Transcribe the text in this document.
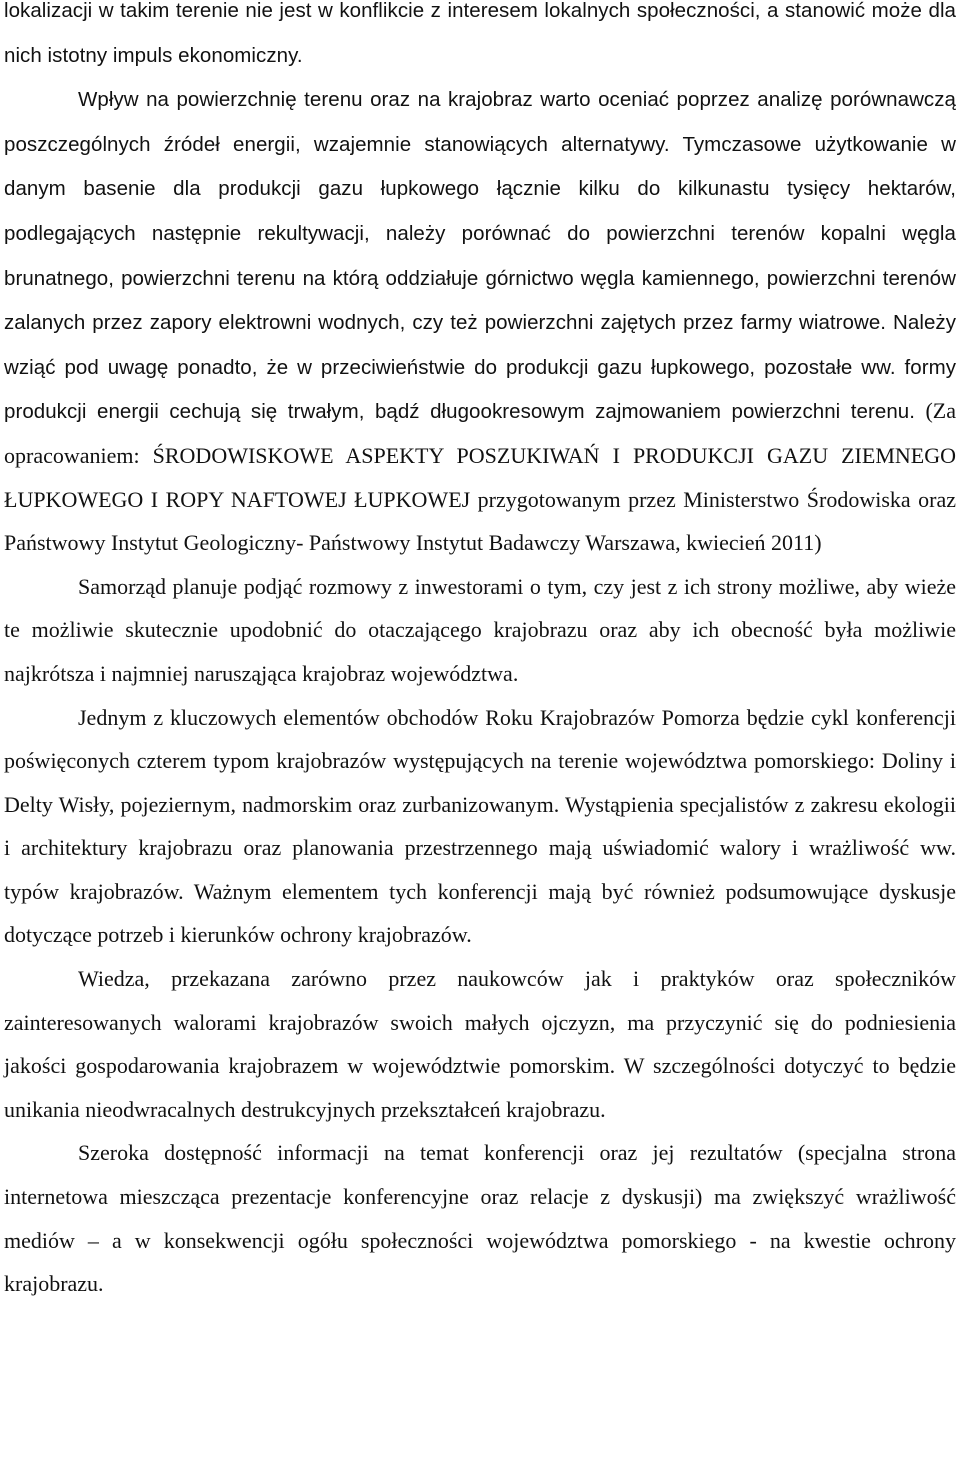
lokalizacji w takim terenie nie jest w konflikcie z interesem lokalnych społeczności, a stanowić może dla nich istotny impuls ekonomiczny.

Wpływ na powierzchnię terenu oraz na krajobraz warto oceniać poprzez analizę porównawczą poszczególnych źródeł energii, wzajemnie stanowiących alternatywy. Tymczasowe użytkowanie w danym basenie dla produkcji gazu łupkowego łącznie kilku do kilkunastu tysięcy hektarów, podlegających następnie rekultywacji, należy porównać do powierzchni terenów kopalni węgla brunatnego, powierzchni terenu na którą oddziałuje górnictwo węgla kamiennego, powierzchni terenów zalanych przez zapory elektrowni wodnych, czy też powierzchni zajętych przez farmy wiatrowe. Należy wziąć pod uwagę ponadto, że w przeciwieństwie do produkcji gazu łupkowego, pozostałe ww. formy produkcji energii cechują się trwałym, bądź długookresowym zajmowaniem powierzchni terenu. (Za opracowaniem: ŚRODOWISKOWE ASPEKTY POSZUKIWAŃ I PRODUKCJI GAZU ZIEMNEGO ŁUPKOWEGO I ROPY NAFTOWEJ ŁUPKOWEJ przygotowanym przez Ministerstwo Środowiska oraz Państwowy Instytut Geologiczny- Państwowy Instytut Badawczy Warszawa, kwiecień 2011)

Samorząd planuje podjąć rozmowy z inwestorami o tym, czy jest z ich strony możliwe, aby wieże te możliwie skutecznie upodobnić do otaczającego krajobrazu oraz aby ich obecność była możliwie najkrótsza i najmniej narusząjąca krajobraz województwa.

Jednym z kluczowych elementów obchodów Roku Krajobrazów Pomorza będzie cykl konferencji poświęconych czterem typom krajobrazów występujących na terenie województwa pomorskiego: Doliny i Delty Wisły, pojeziernym, nadmorskim oraz zurbanizowanym. Wystąpienia specjalistów z zakresu ekologii i architektury krajobrazu oraz planowania przestrzennego mają uświadomić walory i wrażliwość ww. typów krajobrazów. Ważnym elementem tych konferencji mają być również podsumowujące dyskusje dotyczące potrzeb i kierunków ochrony krajobrazów.

Wiedza, przekazana zarówno przez naukowców jak i praktyków oraz społeczników zainteresowanych walorami krajobrazów swoich małych ojczyzn, ma przyczynić się do podniesienia jakości gospodarowania krajobrazem w województwie pomorskim. W szczególności dotyczyć to będzie unikania nieodwracalnych destrukcyjnych przekształceń krajobrazu.

Szeroka dostępność informacji na temat konferencji oraz jej rezultatów (specjalna strona internetowa mieszcząca prezentacje konferencyjne oraz relacje z dyskusji) ma zwiększyć wrażliwość mediów – a w konsekwencji ogółu społeczności województwa pomorskiego - na kwestie ochrony krajobrazu.
